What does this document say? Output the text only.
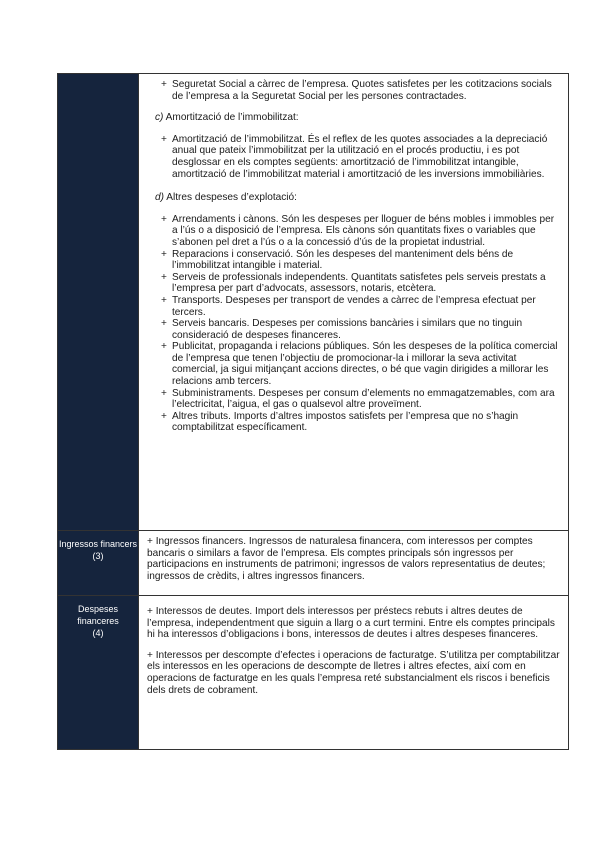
+ Seguretat Social a càrrec de l’empresa. Quotes satisfetes per les cotitzacions socials de l’empresa a la Seguretat Social per les persones contractades.
c) Amortització de l’immobilitzat:
+ Amortització de l’immobilitzat. És el reflex de les quotes associades a la depreciació anual que pateix l’immobilitzat per la utilització en el procés productiu, i es pot desglossar en els comptes següents: amortització de l’immobilitzat intangible, amortització de l’immobilitzat material i amortització de les inversions immobiliàries.
d) Altres despeses d’explotació:
+ Arrendaments i cànons. Són les despeses per lloguer de béns mobles i immobles per a l’ús o a disposició de l’empresa. Els cànons són quantitats fixes o variables que s’abonen pel dret a l’ús o a la concessió d’ús de la propietat industrial.
+ Reparacions i conservació. Són les despeses del manteniment dels béns de l’immobilitzat intangible i material.
+ Serveis de professionals independents. Quantitats satisfetes pels serveis prestats a l’empresa per part d’advocats, assessors, notaris, etcètera.
+ Transports. Despeses per transport de vendes a càrrec de l’empresa efectuat per tercers.
+ Serveis bancaris. Despeses per comissions bancàries i similars que no tinguin consideració de despeses financeres.
+ Publicitat, propaganda i relacions públiques. Són les despeses de la política comercial de l’empresa que tenen l’objectiu de promocionar-la i millorar la seva activitat comercial, ja sigui mitjançant accions directes, o bé que vagin dirigides a millorar les relacions amb tercers.
+ Subministraments. Despeses per consum d’elements no emmagatzemables, com ara l’electricitat, l’aigua, el gas o qualsevol altre proveïment.
+ Altres tributs. Imports d’altres impostos satisfets per l’empresa que no s’hagin comptabilitzat específicament.
Ingressos financers (3)

+ Ingressos financers. Ingressos de naturalesa financera, com interessos per comptes bancaris o similars a favor de l’empresa. Els comptes principals són ingressos per participacions en instruments de patrimoni; ingressos de valors representatius de deutes; ingressos de crèdits, i altres ingressos financers.

Despeses financeres (4)

+ Interessos de deutes. Import dels interessos per préstecs rebuts i altres deutes de l’empresa, independentment que siguin a llarg o a curt termini. Entre els comptes principals hi ha interessos d’obligacions i bons, interessos de deutes i altres despeses financeres.

+ Interessos per descompte d’efectes i operacions de facturatge. S’utilitza per comptabilitzar els interessos en les operacions de descompte de lletres i altres efectes, així com en operacions de facturatge en les quals l’empresa reté substancialment els riscos i beneficis dels drets de cobrament.
